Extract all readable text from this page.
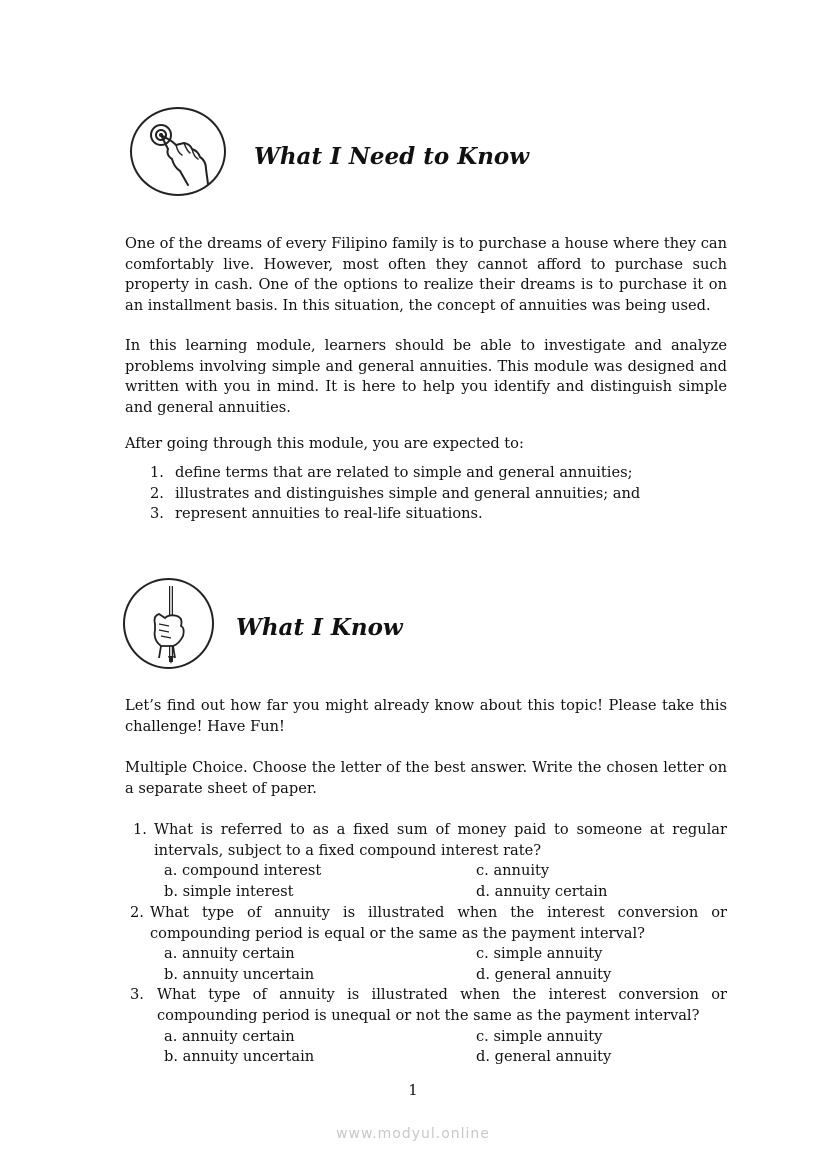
What I Need to Know

One of the dreams of every Filipino family is to purchase a house where they can comfortably live. However, most often they cannot afford to purchase such property in cash. One of the options to realize their dreams is to purchase it on an installment basis. In this situation, the concept of annuities was being used.

In this learning module, learners should be able to investigate and analyze problems involving simple and general annuities. This module was designed and written with you in mind. It is here to help you identify and distinguish simple and general annuities.

After going through this module, you are expected to:

1. define terms that are related to simple and general annuities;
2. illustrates and distinguishes simple and general annuities; and
3. represent annuities to real-life situations.
What I Know

Let’s find out how far you might already know about this topic! Please take this challenge! Have Fun!

Multiple Choice. Choose the letter of the best answer. Write the chosen letter on a separate sheet of paper.

1. What is referred to as a fixed sum of money paid to someone at regular intervals, subject to a fixed compound interest rate?
a. compound interest	c. annuity
b. simple interest	d. annuity certain
2. What type of annuity is illustrated when the interest conversion or compounding period is equal or the same as the payment interval?
a. annuity certain	c. simple annuity
b. annuity uncertain	d. general annuity
3. What type of annuity is illustrated when the interest conversion or compounding period is unequal or not the same as the payment interval?
a. annuity certain	c. simple annuity
b. annuity uncertain	d. general annuity
1
www.modyul.online
